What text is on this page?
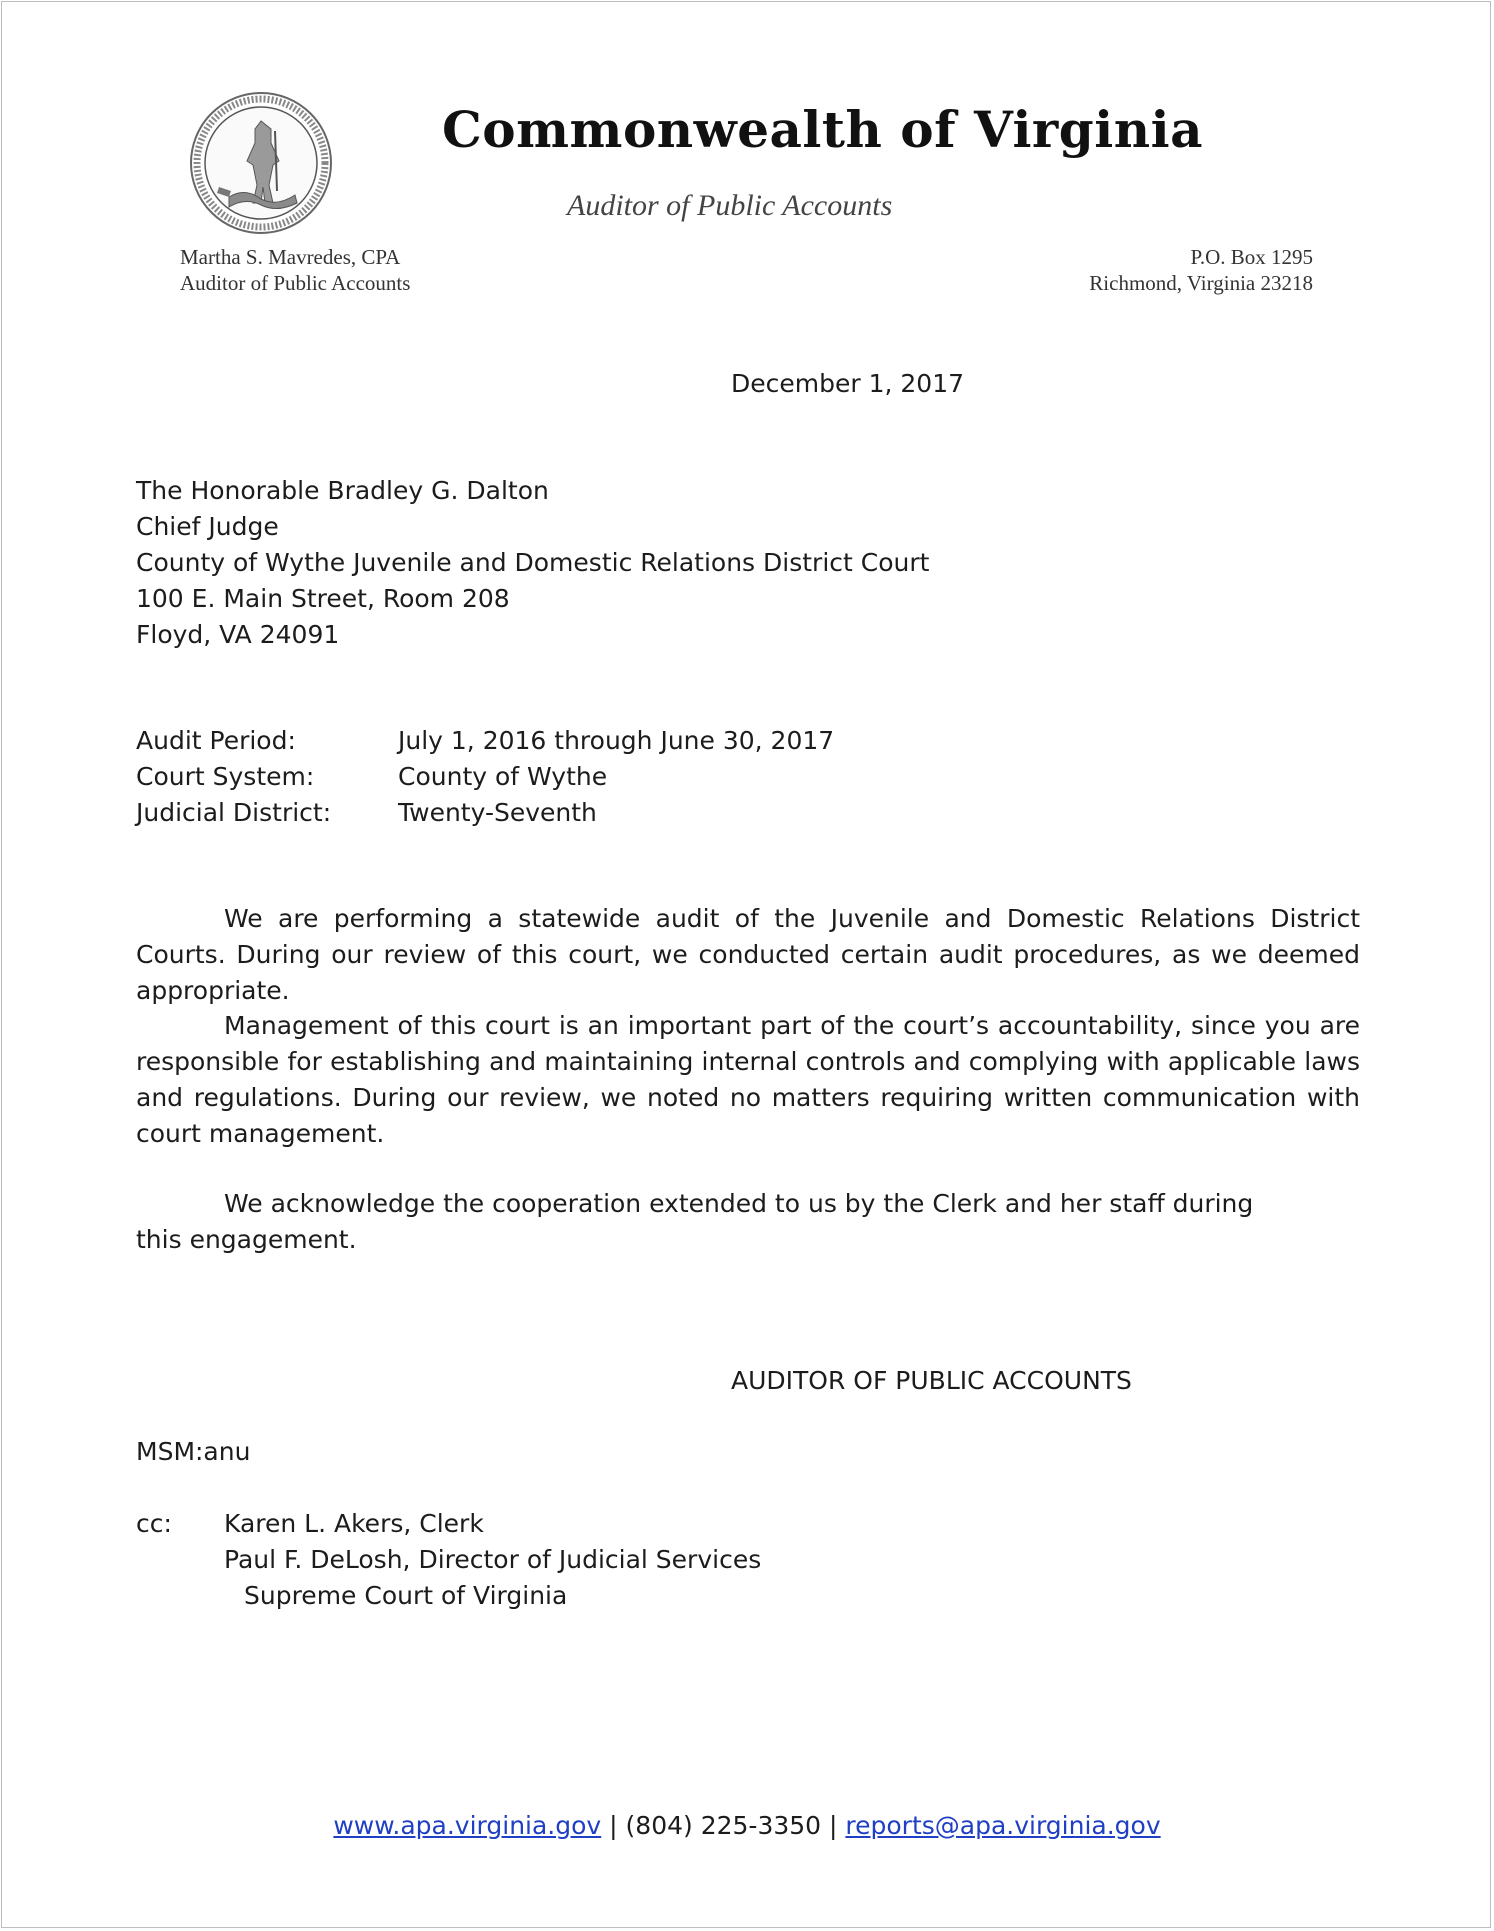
Commonwealth of Virginia
Auditor of Public Accounts
Martha S. Mavredes, CPA
Auditor of Public Accounts
P.O. Box 1295
Richmond, Virginia 23218
December 1, 2017
The Honorable Bradley G. Dalton
Chief Judge
County of Wythe Juvenile and Domestic Relations District Court
100 E. Main Street, Room 208
Floyd, VA 24091
Audit Period:	July 1, 2016 through June 30, 2017
Court System:	County of Wythe
Judicial District:	Twenty-Seventh

We are performing a statewide audit of the Juvenile and Domestic Relations District Courts. During our review of this court, we conducted certain audit procedures, as we deemed appropriate.

Management of this court is an important part of the court’s accountability, since you are responsible for establishing and maintaining internal controls and complying with applicable laws and regulations. During our review, we noted no matters requiring written communication with court management.

We acknowledge the cooperation extended to us by the Clerk and her staff during this engagement.

AUDITOR OF PUBLIC ACCOUNTS
MSM:anu
cc: Karen L. Akers, Clerk
Paul F. DeLosh, Director of Judicial Services
Supreme Court of Virginia
www.apa.virginia.gov | (804) 225-3350 | reports@apa.virginia.gov
